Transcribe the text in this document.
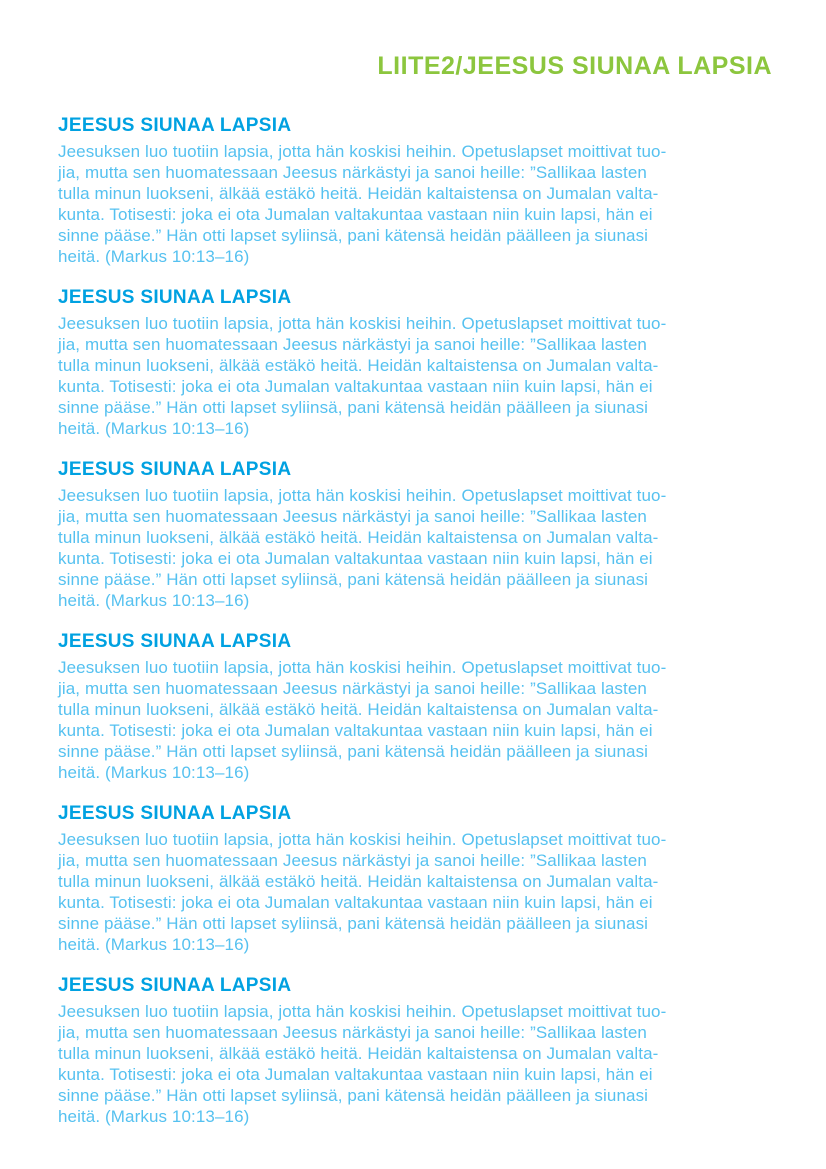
LIITE2/JEESUS SIUNAA LAPSIA
JEESUS SIUNAA LAPSIA
Jeesuksen luo tuotiin lapsia, jotta hän koskisi heihin. Opetuslapset moittivat tuo-
jia, mutta sen huomatessaan Jeesus närkästyi ja sanoi heille: ”Sallikaa lasten
tulla minun luokseni, älkää estäkö heitä. Heidän kaltaistensa on Jumalan valta-
kunta. Totisesti: joka ei ota Jumalan valtakuntaa vastaan niin kuin lapsi, hän ei
sinne pääse.” Hän otti lapset syliinsä, pani kätensä heidän päälleen ja siunasi
heitä. (Markus 10:13–16)
JEESUS SIUNAA LAPSIA
Jeesuksen luo tuotiin lapsia, jotta hän koskisi heihin. Opetuslapset moittivat tuo-
jia, mutta sen huomatessaan Jeesus närkästyi ja sanoi heille: ”Sallikaa lasten
tulla minun luokseni, älkää estäkö heitä. Heidän kaltaistensa on Jumalan valta-
kunta. Totisesti: joka ei ota Jumalan valtakuntaa vastaan niin kuin lapsi, hän ei
sinne pääse.” Hän otti lapset syliinsä, pani kätensä heidän päälleen ja siunasi
heitä. (Markus 10:13–16)
JEESUS SIUNAA LAPSIA
Jeesuksen luo tuotiin lapsia, jotta hän koskisi heihin. Opetuslapset moittivat tuo-
jia, mutta sen huomatessaan Jeesus närkästyi ja sanoi heille: ”Sallikaa lasten
tulla minun luokseni, älkää estäkö heitä. Heidän kaltaistensa on Jumalan valta-
kunta. Totisesti: joka ei ota Jumalan valtakuntaa vastaan niin kuin lapsi, hän ei
sinne pääse.” Hän otti lapset syliinsä, pani kätensä heidän päälleen ja siunasi
heitä. (Markus 10:13–16)
JEESUS SIUNAA LAPSIA
Jeesuksen luo tuotiin lapsia, jotta hän koskisi heihin. Opetuslapset moittivat tuo-
jia, mutta sen huomatessaan Jeesus närkästyi ja sanoi heille: ”Sallikaa lasten
tulla minun luokseni, älkää estäkö heitä. Heidän kaltaistensa on Jumalan valta-
kunta. Totisesti: joka ei ota Jumalan valtakuntaa vastaan niin kuin lapsi, hän ei
sinne pääse.” Hän otti lapset syliinsä, pani kätensä heidän päälleen ja siunasi
heitä. (Markus 10:13–16)
JEESUS SIUNAA LAPSIA
Jeesuksen luo tuotiin lapsia, jotta hän koskisi heihin. Opetuslapset moittivat tuo-
jia, mutta sen huomatessaan Jeesus närkästyi ja sanoi heille: ”Sallikaa lasten
tulla minun luokseni, älkää estäkö heitä. Heidän kaltaistensa on Jumalan valta-
kunta. Totisesti: joka ei ota Jumalan valtakuntaa vastaan niin kuin lapsi, hän ei
sinne pääse.” Hän otti lapset syliinsä, pani kätensä heidän päälleen ja siunasi
heitä. (Markus 10:13–16)
JEESUS SIUNAA LAPSIA
Jeesuksen luo tuotiin lapsia, jotta hän koskisi heihin. Opetuslapset moittivat tuo-
jia, mutta sen huomatessaan Jeesus närkästyi ja sanoi heille: ”Sallikaa lasten
tulla minun luokseni, älkää estäkö heitä. Heidän kaltaistensa on Jumalan valta-
kunta. Totisesti: joka ei ota Jumalan valtakuntaa vastaan niin kuin lapsi, hän ei
sinne pääse.” Hän otti lapset syliinsä, pani kätensä heidän päälleen ja siunasi
heitä. (Markus 10:13–16)
